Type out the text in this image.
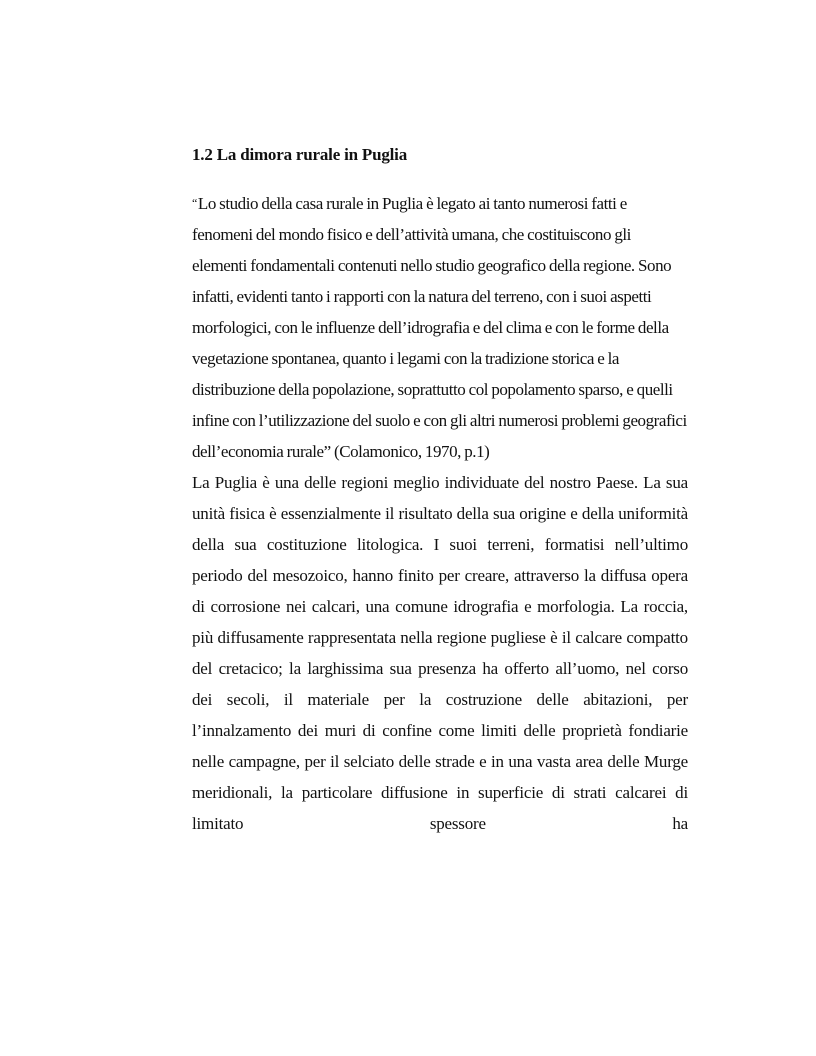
1.2 La dimora rurale in Puglia

“Lo studio della casa rurale in Puglia è legato ai tanto numerosi fatti e fenomeni del mondo fisico e dell’attività umana, che costituiscono gli elementi fondamentali contenuti nello studio geografico della regione. Sono infatti, evidenti tanto i rapporti con la natura del terreno, con i suoi aspetti morfologici, con le influenze dell’idrografia e del clima e con le forme della vegetazione spontanea, quanto i legami con la tradizione storica e la distribuzione della popolazione, soprattutto col popolamento sparso, e quelli infine con l’utilizzazione del suolo e con gli altri numerosi problemi geografici dell’economia rurale” (Colamonico, 1970, p.1)

La Puglia è una delle regioni meglio individuate del nostro Paese. La sua unità fisica è essenzialmente il risultato della sua origine e della uniformità della sua costituzione litologica. I suoi terreni, formatisi nell’ultimo periodo del mesozoico, hanno finito per creare, attraverso la diffusa opera di corrosione nei calcari, una comune idrografia e morfologia. La roccia, più diffusamente rappresentata nella regione pugliese è il calcare compatto del cretacico; la larghissima sua presenza ha offerto all’uomo, nel corso dei secoli, il materiale per la costruzione delle abitazioni, per l’innalzamento dei muri di confine come limiti delle proprietà fondiarie nelle campagne, per il selciato delle strade e in una vasta area delle Murge meridionali, la particolare diffusione in superficie di strati calcarei di limitato spessore ha
